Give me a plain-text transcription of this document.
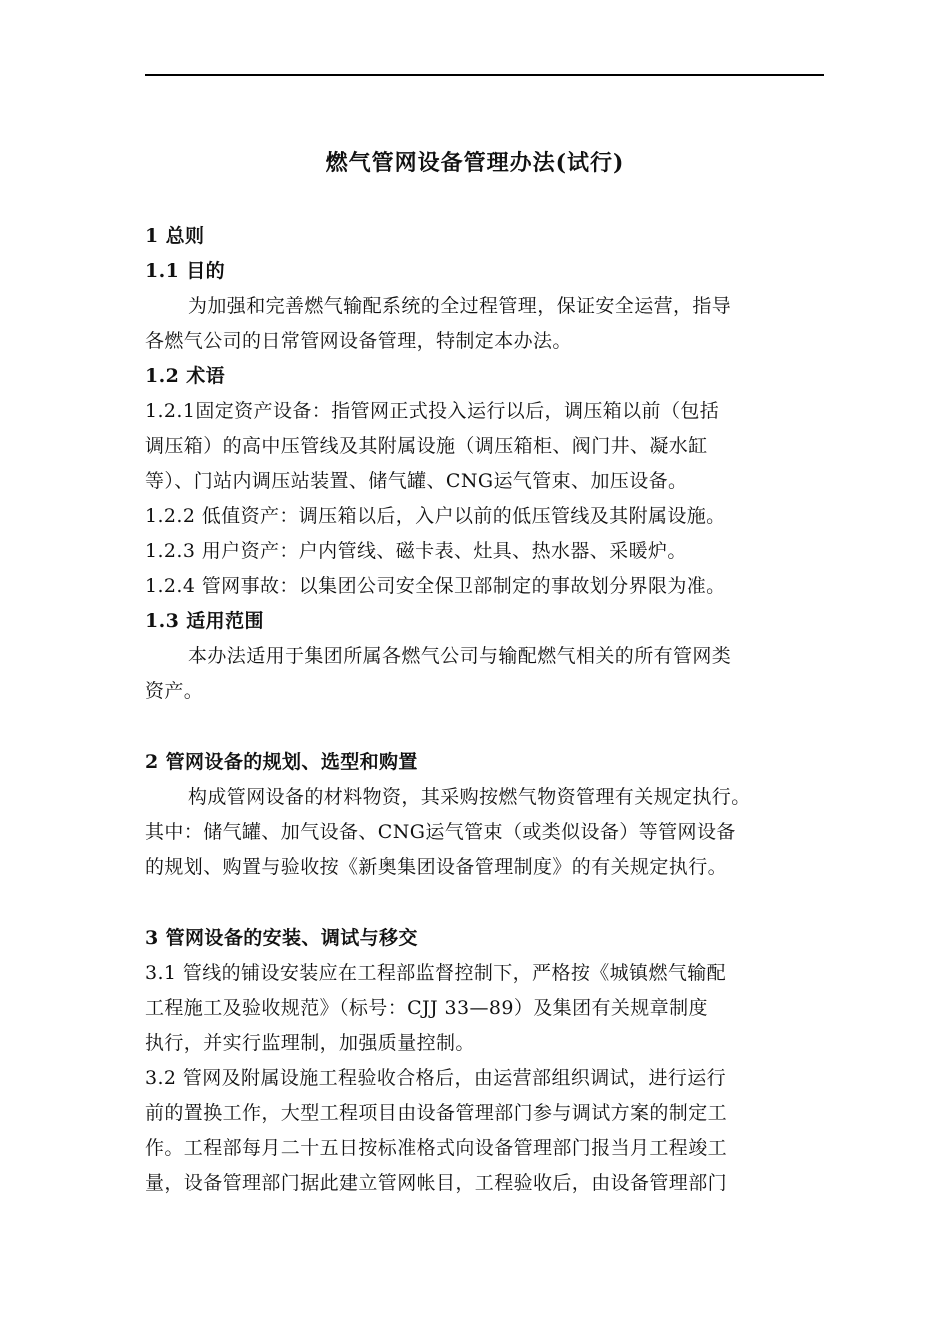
燃气管网设备管理办法(试行)
1 总则
1.1 目的
为加强和完善燃气输配系统的全过程管理，保证安全运营，指导
各燃气公司的日常管网设备管理，特制定本办法。
1.2 术语
1.2.1固定资产设备：指管网正式投入运行以后，调压箱以前（包括
调压箱）的高中压管线及其附属设施（调压箱柜、阀门井、凝水缸
等）、门站内调压站装置、储气罐、CNG运气管束、加压设备。
1.2.2 低值资产：调压箱以后，入户以前的低压管线及其附属设施。
1.2.3 用户资产：户内管线、磁卡表、灶具、热水器、采暖炉。
1.2.4 管网事故：以集团公司安全保卫部制定的事故划分界限为准。
1.3 适用范围
本办法适用于集团所属各燃气公司与输配燃气相关的所有管网类
资产。
2 管网设备的规划、选型和购置
构成管网设备的材料物资，其采购按燃气物资管理有关规定执行。
其中：储气罐、加气设备、CNG运气管束（或类似设备）等管网设备
的规划、购置与验收按《新奥集团设备管理制度》的有关规定执行。
3 管网设备的安装、调试与移交
3.1 管线的铺设安装应在工程部监督控制下，严格按《城镇燃气输配
工程施工及验收规范》（标号：CJJ 33—89）及集团有关规章制度
执行，并实行监理制，加强质量控制。
3.2 管网及附属设施工程验收合格后，由运营部组织调试，进行运行
前的置换工作，大型工程项目由设备管理部门参与调试方案的制定工
作。工程部每月二十五日按标准格式向设备管理部门报当月工程竣工
量，设备管理部门据此建立管网帐目，工程验收后，由设备管理部门
